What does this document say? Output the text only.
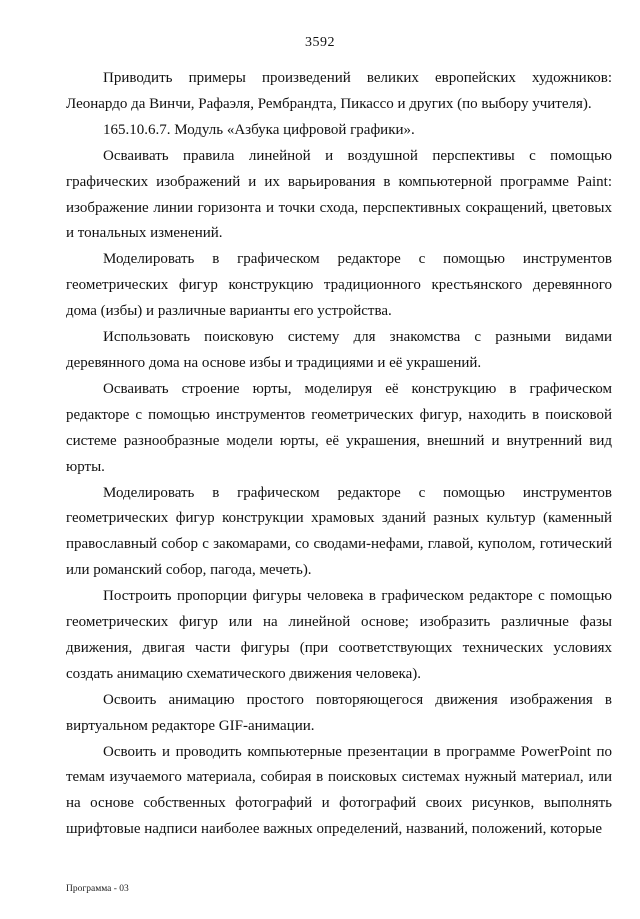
3592

Приводить примеры произведений великих европейских художников: Леонардо да Винчи, Рафаэля, Рембрандта, Пикассо и других (по выбору учителя).

165.10.6.7. Модуль «Азбука цифровой графики».

Осваивать правила линейной и воздушной перспективы с помощью графических изображений и их варьирования в компьютерной программе Paint: изображение линии горизонта и точки схода, перспективных сокращений, цветовых и тональных изменений.

Моделировать в графическом редакторе с помощью инструментов геометрических фигур конструкцию традиционного крестьянского деревянного дома (избы) и различные варианты его устройства.

Использовать поисковую систему для знакомства с разными видами деревянного дома на основе избы и традициями и её украшений.

Осваивать строение юрты, моделируя её конструкцию в графическом редакторе с помощью инструментов геометрических фигур, находить в поисковой системе разнообразные модели юрты, её украшения, внешний и внутренний вид юрты.

Моделировать в графическом редакторе с помощью инструментов геометрических фигур конструкции храмовых зданий разных культур (каменный православный собор с закомарами, со сводами-нефами, главой, куполом, готический или романский собор, пагода, мечеть).

Построить пропорции фигуры человека в графическом редакторе с помощью геометрических фигур или на линейной основе; изобразить различные фазы движения, двигая части фигуры (при соответствующих технических условиях создать анимацию схематического движения человека).

Освоить анимацию простого повторяющегося движения изображения в виртуальном редакторе GIF-анимации.

Освоить и проводить компьютерные презентации в программе PowerPoint по темам изучаемого материала, собирая в поисковых системах нужный материал, или на основе собственных фотографий и фотографий своих рисунков, выполнять шрифтовые надписи наиболее важных определений, названий, положений, которые

Программа - 03
